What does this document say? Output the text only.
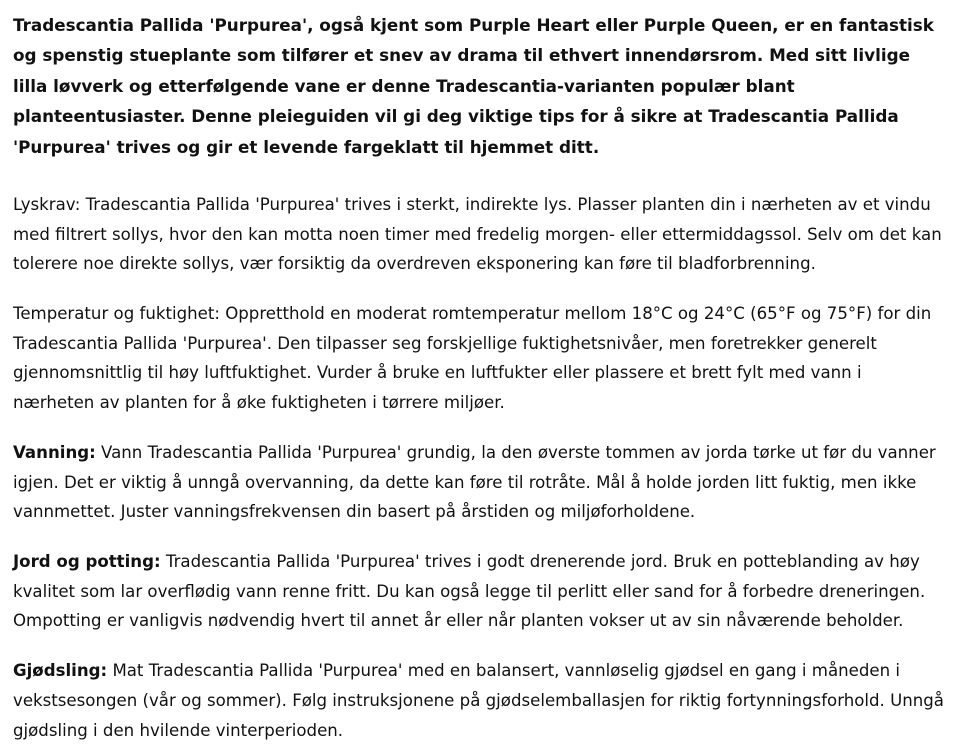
Tradescantia Pallida 'Purpurea', også kjent som Purple Heart eller Purple Queen, er en fantastisk og spenstig stueplante som tilfører et snev av drama til ethvert innendørsrom. Med sitt livlige lilla løvverk og etterfølgende vane er denne Tradescantia-varianten populær blant planteentusiaster. Denne pleieguiden vil gi deg viktige tips for å sikre at Tradescantia Pallida 'Purpurea' trives og gir et levende fargeklatt til hjemmet ditt.

Lyskrav: Tradescantia Pallida 'Purpurea' trives i sterkt, indirekte lys. Plasser planten din i nærheten av et vindu med filtrert sollys, hvor den kan motta noen timer med fredelig morgen- eller ettermiddagssol. Selv om det kan tolerere noe direkte sollys, vær forsiktig da overdreven eksponering kan føre til bladforbrenning.

Temperatur og fuktighet: Oppretthold en moderat romtemperatur mellom 18°C og 24°C (65°F og 75°F) for din Tradescantia Pallida 'Purpurea'. Den tilpasser seg forskjellige fuktighetsnivåer, men foretrekker generelt gjennomsnittlig til høy luftfuktighet. Vurder å bruke en luftfukter eller plassere et brett fylt med vann i nærheten av planten for å øke fuktigheten i tørrere miljøer.

Vanning: Vann Tradescantia Pallida 'Purpurea' grundig, la den øverste tommen av jorda tørke ut før du vanner igjen. Det er viktig å unngå overvanning, da dette kan føre til rotråte. Mål å holde jorden litt fuktig, men ikke vannmettet. Juster vanningsfrekvensen din basert på årstiden og miljøforholdene.

Jord og potting: Tradescantia Pallida 'Purpurea' trives i godt drenerende jord. Bruk en potteblanding av høy kvalitet som lar overflødig vann renne fritt. Du kan også legge til perlitt eller sand for å forbedre dreneringen. Ompotting er vanligvis nødvendig hvert til annet år eller når planten vokser ut av sin nåværende beholder.

Gjødsling: Mat Tradescantia Pallida 'Purpurea' med en balansert, vannløselig gjødsel en gang i måneden i vekstsesongen (vår og sommer). Følg instruksjonene på gjødselemballasjen for riktig fortynningsforhold. Unngå gjødsling i den hvilende vinterperioden.
